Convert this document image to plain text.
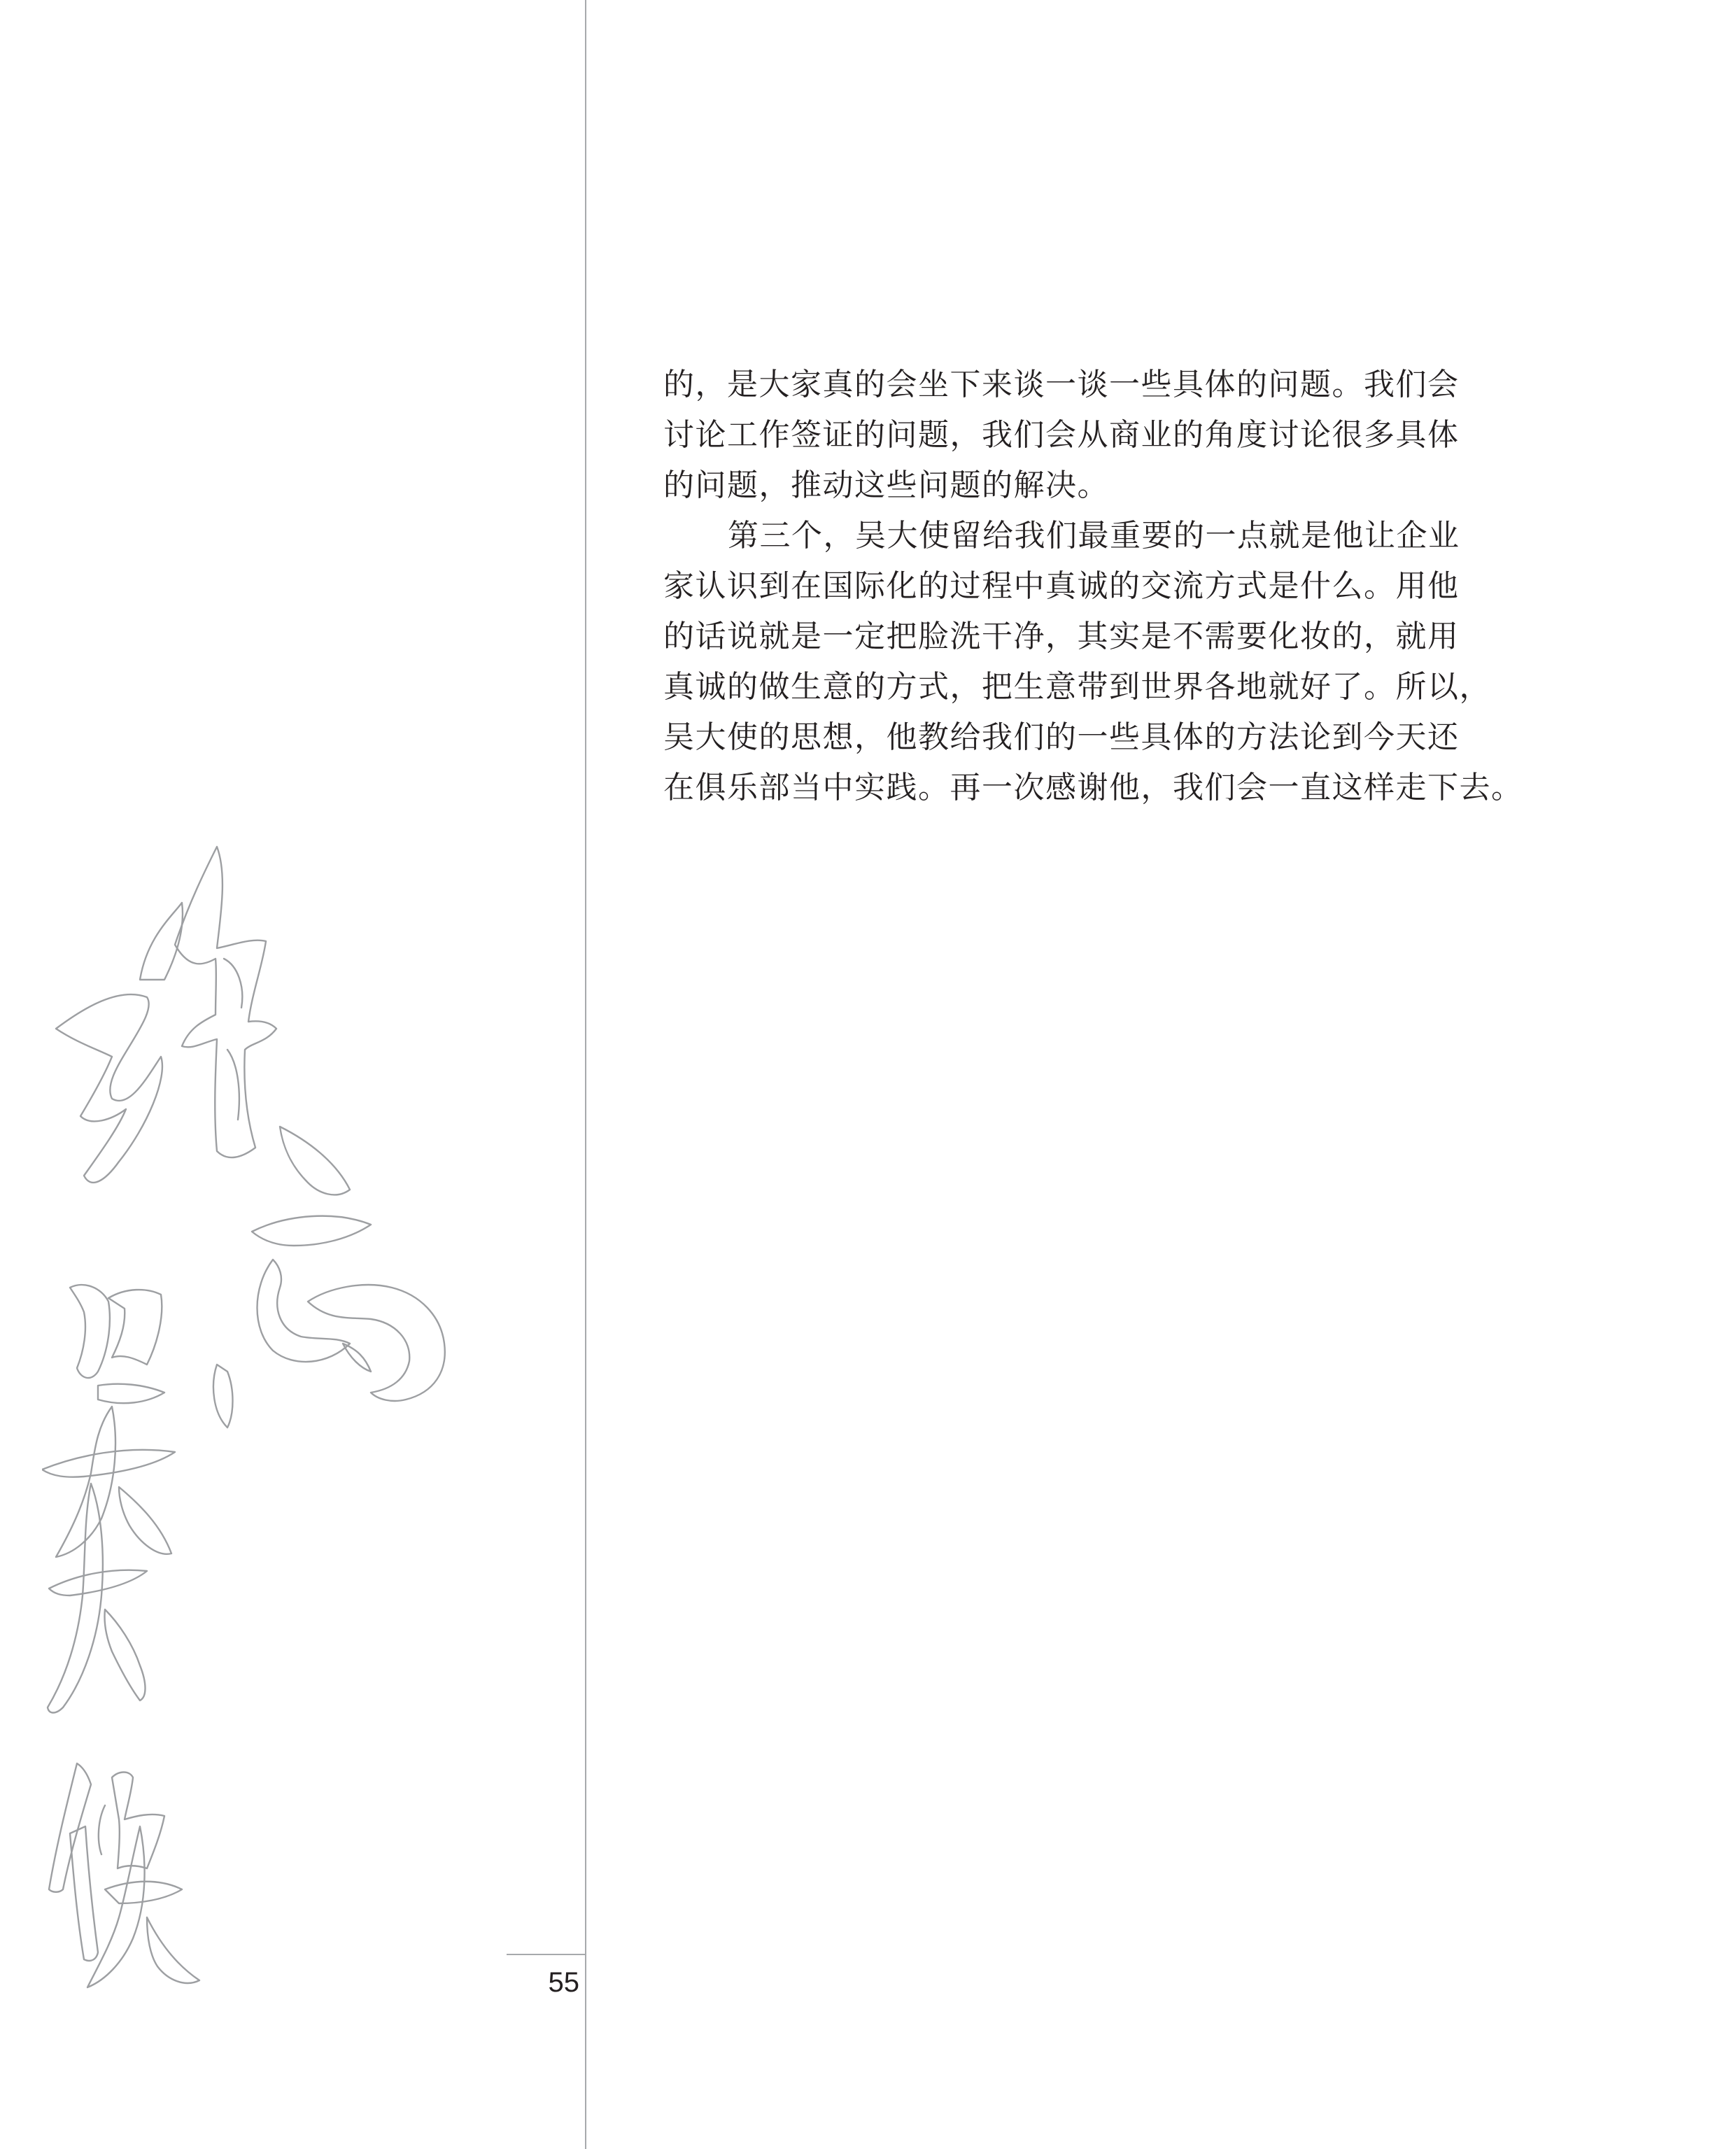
55
的，是大家真的会坐下来谈一谈一些具体的问题。我们会
讨论工作签证的问题，我们会从商业的角度讨论很多具体
的问题，推动这些问题的解决。
第三个，吴大使留给我们最重要的一点就是他让企业
家认识到在国际化的过程中真诚的交流方式是什么。用他
的话说就是一定把脸洗干净，其实是不需要化妆的，就用
真诚的做生意的方式，把生意带到世界各地就好了。所以，
吴大使的思想，他教给我们的一些具体的方法论到今天还
在俱乐部当中实践。再一次感谢他，我们会一直这样走下去。
